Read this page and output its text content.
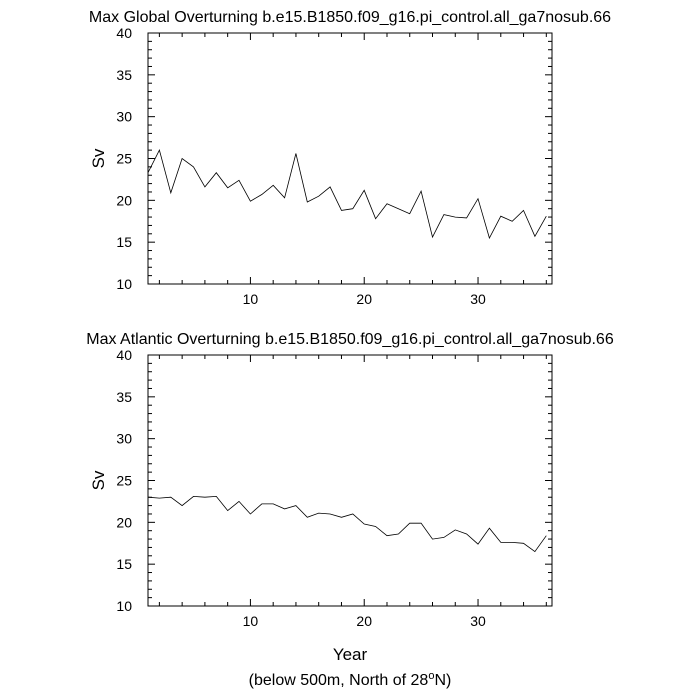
10
15
20
25
30
35
40
10	20	30
Max Global Overturning b.e15.B1850.f09_g16.pi_control.all_ga7nosub.66
Sv
10
15
20
25
30
35
40
10	20	30
Max Atlantic Overturning b.e15.B1850.f09_g16.pi_control.all_ga7nosub.66
Sv
Year
(below 500m, North of 28$^o$N)
